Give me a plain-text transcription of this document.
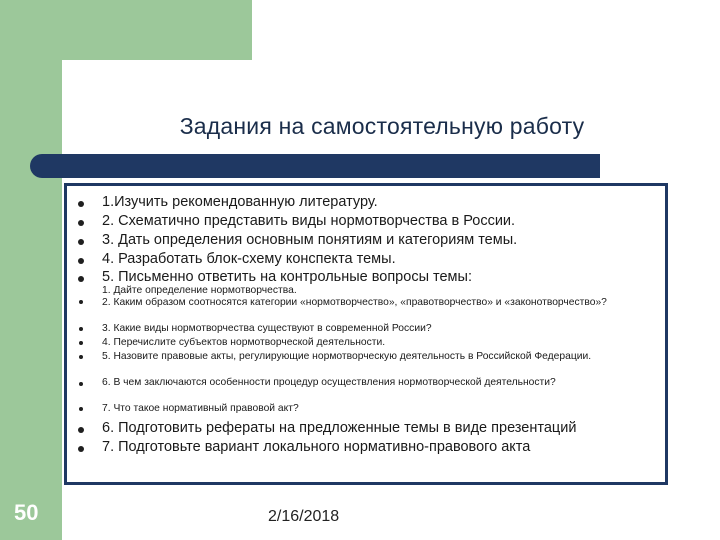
Задания на самостоятельную работу
1.Изучить рекомендованную литературу.
2. Схематично представить виды нормотворчества в России.
3. Дать определения основным понятиям и категориям темы.
4. Разработать блок-схему конспекта темы.
5. Письменно ответить на контрольные вопросы темы:
1. Дайте определение нормотворчества.
2. Каким образом соотносятся категории «нормотворчество», «правотворчество» и «законотворчество»?
3. Какие виды нормотворчества существуют в современной России?
4. Перечислите субъектов нормотворческой деятельности.
5. Назовите правовые акты, регулирующие нормотворческую деятельность в Российской Федерации.
6. В чем заключаются особенности процедур осуществления нормотворческой деятельности?
7. Что такое нормативный правовой акт?
6. Подготовить рефераты на предложенные темы в виде презентаций
7. Подготовьте вариант локального нормативно-правового акта
50	2/16/2018
